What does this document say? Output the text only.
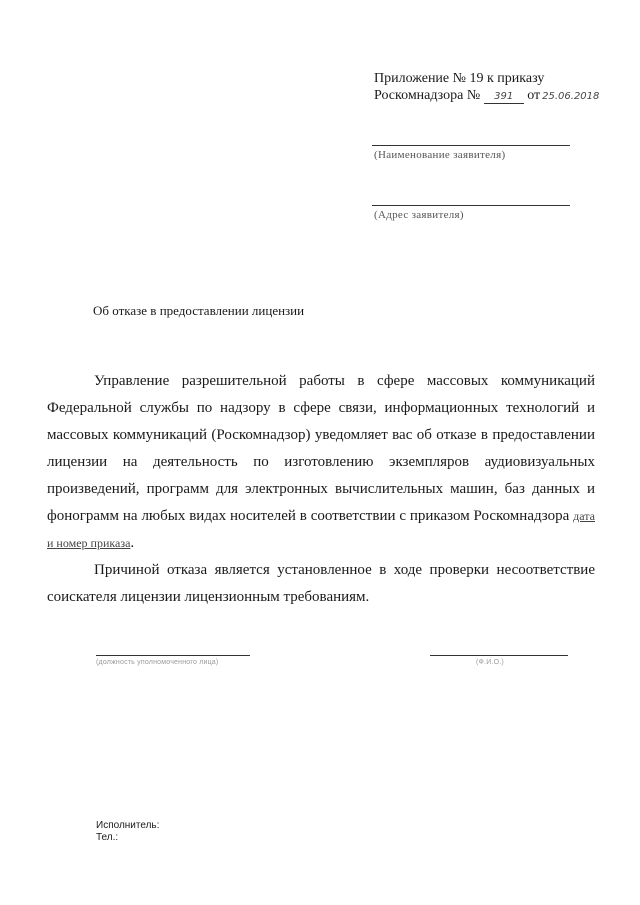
Приложение № 19 к приказу
Роскомнадзора № 391 от 25.06.2018
(Наименование заявителя)
(Адрес заявителя)
Об отказе в предоставлении лицензии

Управление разрешительной работы в сфере массовых коммуникаций Федеральной службы по надзору в сфере связи, информационных технологий и массовых коммуникаций (Роскомнадзор) уведомляет вас об отказе в предоставлении лицензии на деятельность по изготовлению экземпляров аудиовизуальных произведений, программ для электронных вычислительных машин, баз данных и фонограмм на любых видах носителей в соответствии с приказом Роскомнадзора дата и номер приказа.

Причиной отказа является установленное в ходе проверки несоответствие соискателя лицензии лицензионным требованиям.

(должность уполномоченного лица)	(Ф.И.О.)
Исполнитель:
Тел.:
